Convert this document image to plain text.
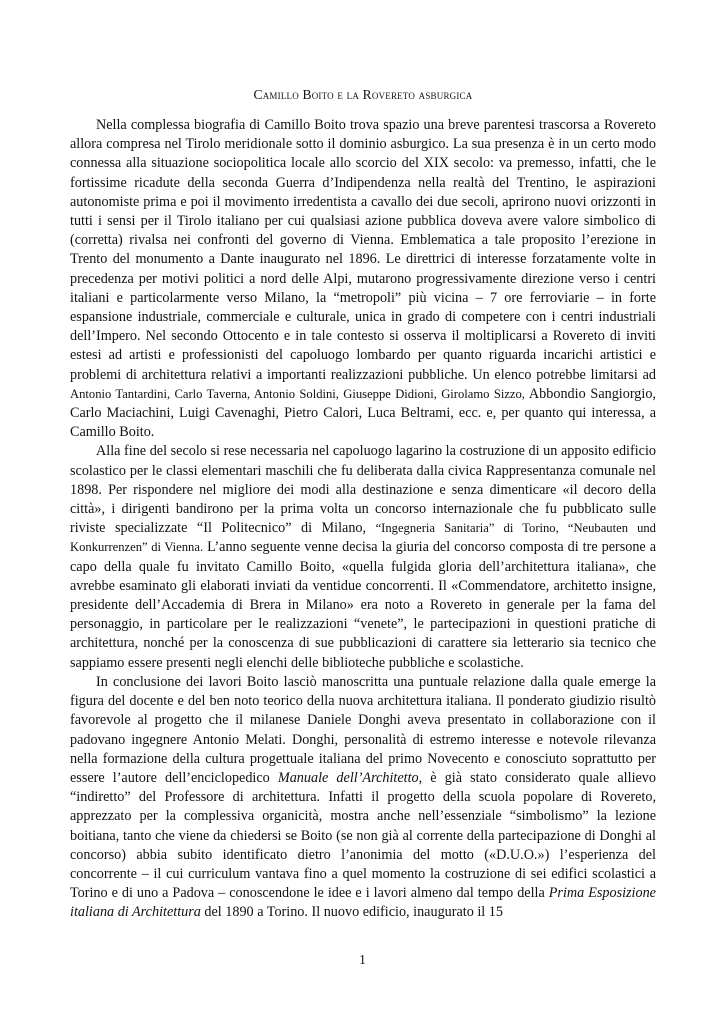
Camillo Boito e la Rovereto asburgica

Nella complessa biografia di Camillo Boito trova spazio una breve parentesi trascorsa a Rovereto allora compresa nel Tirolo meridionale sotto il dominio asburgico. La sua presenza è in un certo modo connessa alla situazione sociopolitica locale allo scorcio del XIX secolo: va premesso, infatti, che le fortissime ricadute della seconda Guerra d’Indipendenza nella realtà del Trentino, le aspirazioni autonomiste prima e poi il movimento irredentista a cavallo dei due secoli, aprirono nuovi orizzonti in tutti i sensi per il Tirolo italiano per cui qualsiasi azione pubblica doveva avere valore simbolico di (corretta) rivalsa nei confronti del governo di Vienna. Emblematica a tale proposito l’erezione in Trento del monumento a Dante inaugurato nel 1896. Le direttrici di interesse forzatamente volte in precedenza per motivi politici a nord delle Alpi, mutarono progressivamente direzione verso i centri italiani e particolarmente verso Milano, la “metropoli” più vicina – 7 ore ferroviarie – in forte espansione industriale, commerciale e culturale, unica in grado di competere con i centri industriali dell’Impero. Nel secondo Ottocento e in tale contesto si osserva il moltiplicarsi a Rovereto di inviti estesi ad artisti e professionisti del capoluogo lombardo per quanto riguarda incarichi artistici e problemi di architettura relativi a importanti realizzazioni pubbliche. Un elenco potrebbe limitarsi ad Antonio Tantardini, Carlo Taverna, Antonio Soldini, Giuseppe Didioni, Girolamo Sizzo, Abbondio Sangiorgio, Carlo Maciachini, Luigi Cavenaghi, Pietro Calori, Luca Beltrami, ecc. e, per quanto qui interessa, a Camillo Boito.

Alla fine del secolo si rese necessaria nel capoluogo lagarino la costruzione di un apposito edificio scolastico per le classi elementari maschili che fu deliberata dalla civica Rappresentanza comunale nel 1898. Per rispondere nel migliore dei modi alla destinazione e senza dimenticare «il decoro della città», i dirigenti bandirono per la prima volta un concorso internazionale che fu pubblicato sulle riviste specializzate “Il Politecnico” di Milano, “Ingegneria Sanitaria” di Torino, “Neubauten und Konkurrenzen” di Vienna. L’anno seguente venne decisa la giuria del concorso composta di tre persone a capo della quale fu invitato Camillo Boito, «quella fulgida gloria dell’architettura italiana», che avrebbe esaminato gli elaborati inviati da ventidue concorrenti. Il «Commendatore, architetto insigne, presidente dell’Accademia di Brera in Milano» era noto a Rovereto in generale per la fama del personaggio, in particolare per le realizzazioni “venete”, le partecipazioni in questioni pratiche di architettura, nonché per la conoscenza di sue pubblicazioni di carattere sia letterario sia tecnico che sappiamo essere presenti negli elenchi delle biblioteche pubbliche e scolastiche.

In conclusione dei lavori Boito lasciò manoscritta una puntuale relazione dalla quale emerge la figura del docente e del ben noto teorico della nuova architettura italiana. Il ponderato giudizio risultò favorevole al progetto che il milanese Daniele Donghi aveva presentato in collaborazione con il padovano ingegnere Antonio Melati. Donghi, personalità di estremo interesse e notevole rilevanza nella formazione della cultura progettuale italiana del primo Novecento e conosciuto soprattutto per essere l’autore dell’enciclopedico Manuale dell’Architetto, è già stato considerato quale allievo “indiretto” del Professore di architettura. Infatti il progetto della scuola popolare di Rovereto, apprezzato per la complessiva organicità, mostra anche nell’essenziale “simbolismo” la lezione boitiana, tanto che viene da chiedersi se Boito (se non già al corrente della partecipazione di Donghi al concorso) abbia subito identificato dietro l’anonimia del motto («D.U.O.») l’esperienza del concorrente – il cui curriculum vantava fino a quel momento la costruzione di sei edifici scolastici a Torino e di uno a Padova – conoscendone le idee e i lavori almeno dal tempo della Prima Esposizione italiana di Architettura del 1890 a Torino. Il nuovo edificio, inaugurato il 15

1
